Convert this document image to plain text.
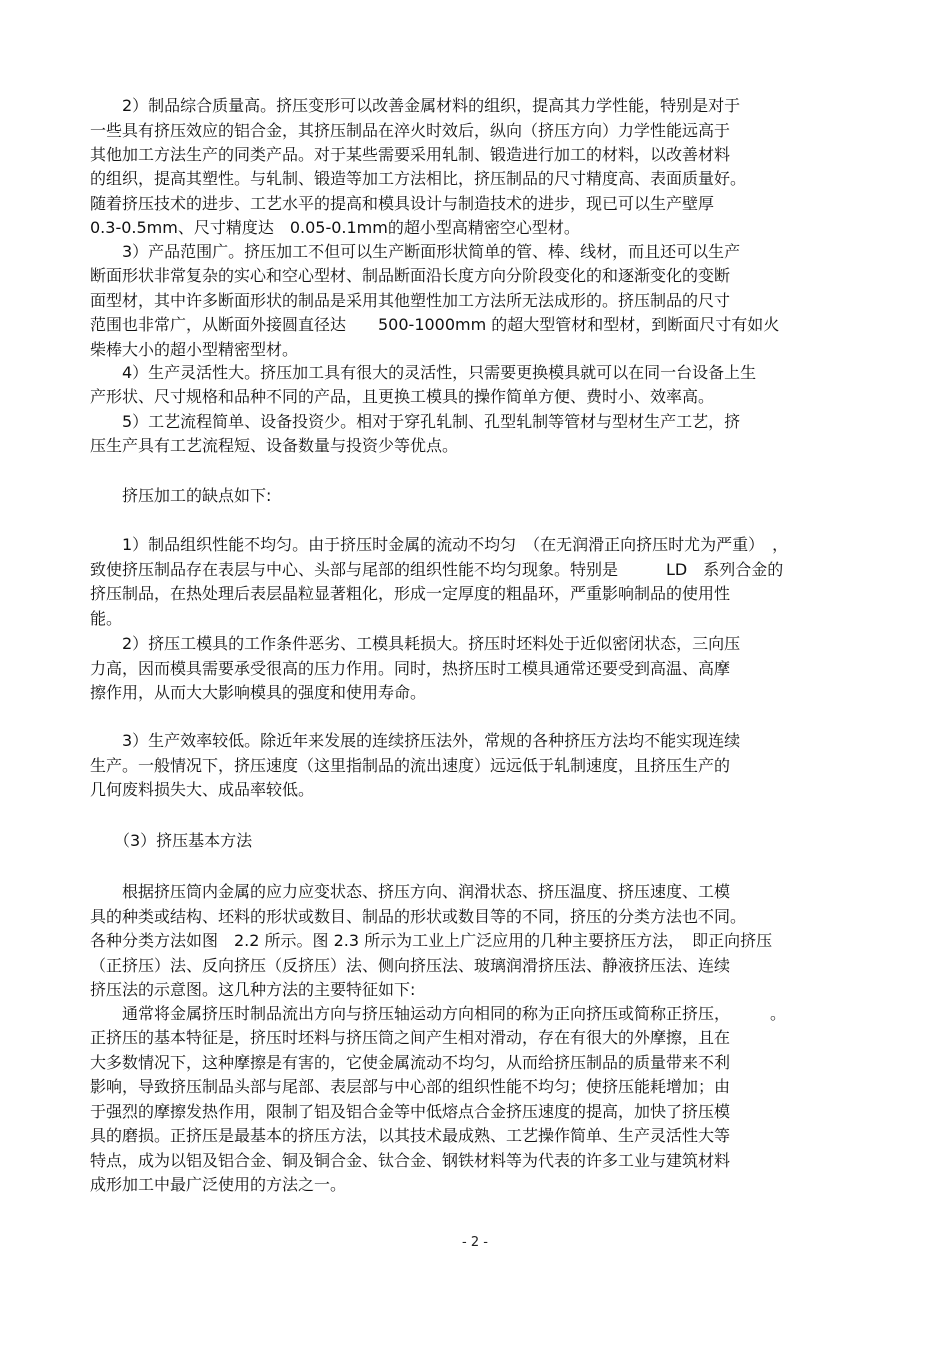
　　2）制品综合质量高。挤压变形可以改善金属材料的组织，提高其力学性能，特别是对于

一些具有挤压效应的铝合金，其挤压制品在淬火时效后，纵向（挤压方向）力学性能远高于

其他加工方法生产的同类产品。对于某些需要采用轧制、锻造进行加工的材料，以改善材料

的组织，提高其塑性。与轧制、锻造等加工方法相比，挤压制品的尺寸精度高、表面质量好。

随着挤压技术的进步、工艺水平的提高和模具设计与制造技术的进步，现已可以生产壁厚

0.3-0.5mm、尺寸精度达　0.05-0.1mm的超小型高精密空心型材。

　　3）产品范围广。挤压加工不但可以生产断面形状简单的管、棒、线材，而且还可以生产

断面形状非常复杂的实心和空心型材、制品断面沿长度方向分阶段变化的和逐渐变化的变断

面型材，其中许多断面形状的制品是采用其他塑性加工方法所无法成形的。挤压制品的尺寸

范围也非常广，从断面外接圆直径达　　500-1000mm 的超大型管材和型材，到断面尺寸有如火

柴棒大小的超小型精密型材。

　　4）生产灵活性大。挤压加工具有很大的灵活性，只需要更换模具就可以在同一台设备上生

产形状、尺寸规格和品种不同的产品，且更换工模具的操作简单方便、费时小、效率高。

　　5）工艺流程简单、设备投资少。相对于穿孔轧制、孔型轧制等管材与型材生产工艺，挤

压生产具有工艺流程短、设备数量与投资少等优点。

　　挤压加工的缺点如下:

　　1）制品组织性能不均匀。由于挤压时金属的流动不均匀　（在无润滑正向挤压时尤为严重）　，

致使挤压制品存在表层与中心、头部与尾部的组织性能不均匀现象。特别是　　　LD　系列合金的

挤压制品，在热处理后表层晶粒显著粗化，形成一定厚度的粗晶环，严重影响制品的使用性

能。

　　2）挤压工模具的工作条件恶劣、工模具耗损大。挤压时坯料处于近似密闭状态，三向压

力高，因而模具需要承受很高的压力作用。同时，热挤压时工模具通常还要受到高温、高摩

擦作用，从而大大影响模具的强度和使用寿命。

　　3）生产效率较低。除近年来发展的连续挤压法外，常规的各种挤压方法均不能实现连续

生产。一般情况下，挤压速度（这里指制品的流出速度）远远低于轧制速度，且挤压生产的

几何废料损失大、成品率较低。

　　（3）挤压基本方法

　　根据挤压筒内金属的应力应变状态、挤压方向、润滑状态、挤压温度、挤压速度、工模

具的种类或结构、坯料的形状或数目、制品的形状或数目等的不同，挤压的分类方法也不同。

各种分类方法如图　2.2 所示。图 2.3 所示为工业上广泛应用的几种主要挤压方法，　即正向挤压

（正挤压）法、反向挤压（反挤压）法、侧向挤压法、玻璃润滑挤压法、静液挤压法、连续

挤压法的示意图。这几种方法的主要特征如下:

　　通常将金属挤压时制品流出方向与挤压轴运动方向相同的称为正向挤压或简称正挤压，　　　。

正挤压的基本特征是，挤压时坯料与挤压筒之间产生相对滑动，存在有很大的外摩擦，且在

大多数情况下，这种摩擦是有害的，它使金属流动不均匀，从而给挤压制品的质量带来不利

影响，导致挤压制品头部与尾部、表层部与中心部的组织性能不均匀；使挤压能耗增加；由

于强烈的摩擦发热作用，限制了铝及铝合金等中低熔点合金挤压速度的提高，加快了挤压模

具的磨损。正挤压是最基本的挤压方法，以其技术最成熟、工艺操作简单、生产灵活性大等

特点，成为以铝及铝合金、铜及铜合金、钛合金、钢铁材料等为代表的许多工业与建筑材料

成形加工中最广泛使用的方法之一。

- 2 -
